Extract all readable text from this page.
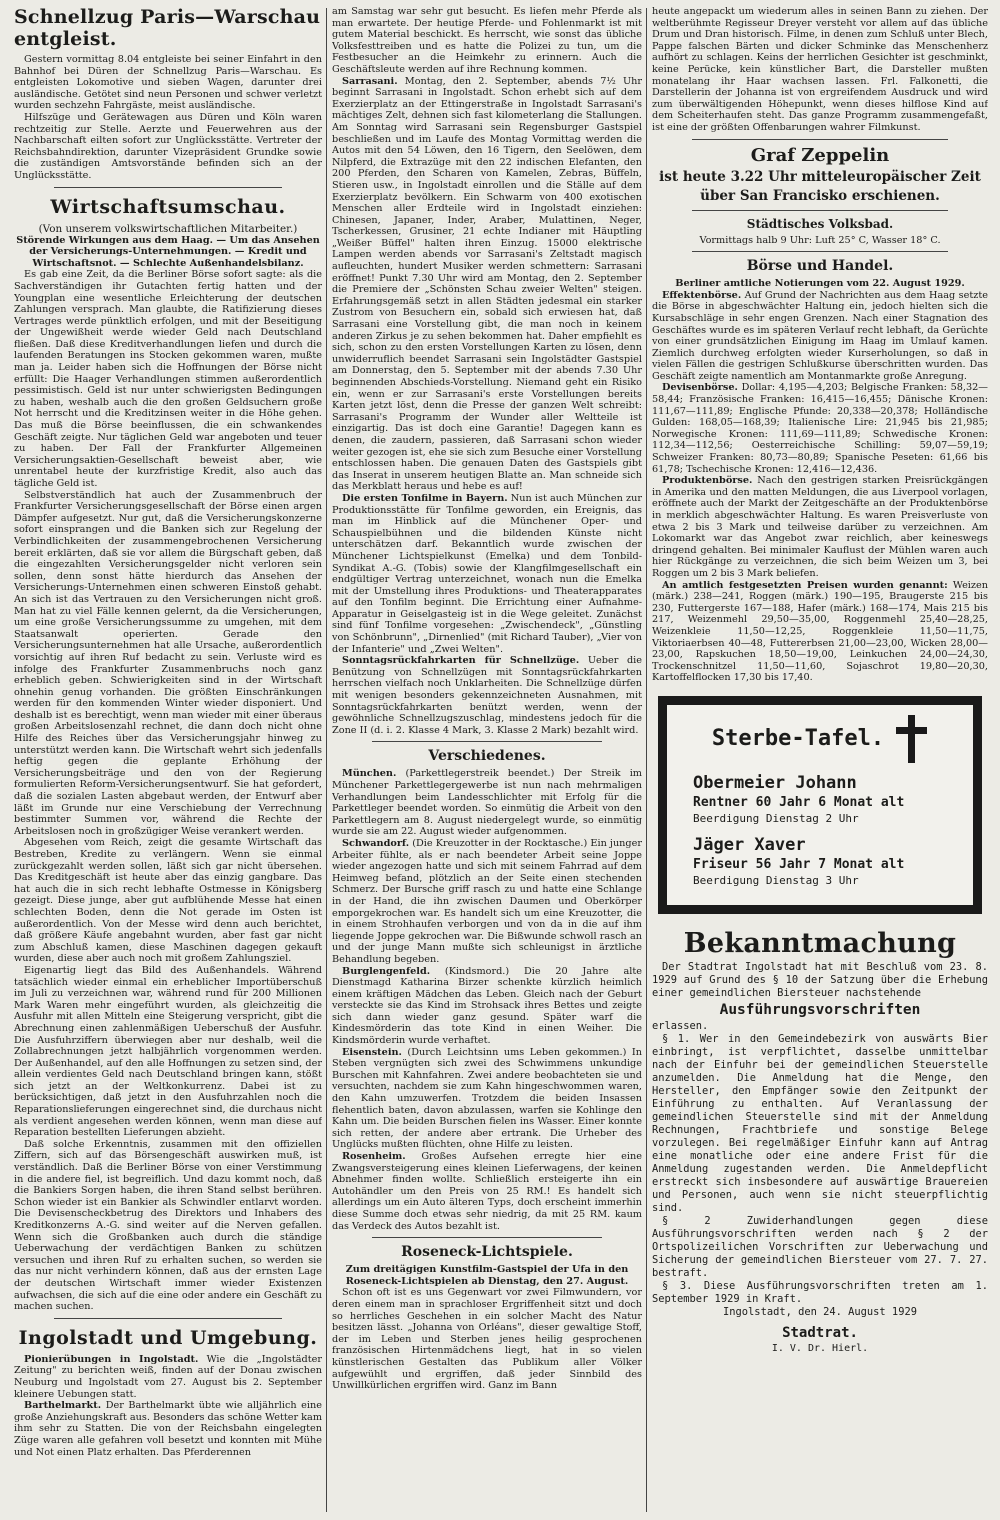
Schnellzug Paris—Warschau entgleist.

Gestern vormittag 8.04 entgleiste bei seiner Einfahrt in den Bahnhof bei Düren der Schnellzug Paris—Warschau. Es entgleisten Lokomotive und sieben Wagen, darunter drei ausländische. Getötet sind neun Personen und schwer verletzt wurden sechzehn Fahrgäste, meist ausländische.

Hilfszüge und Gerätewagen aus Düren und Köln waren rechtzeitig zur Stelle. Aerzte und Feuerwehren aus der Nachbarschaft eilten sofort zur Unglücksstätte. Vertreter der Reichsbahndirektion, darunter Vizepräsident Grundke sowie die zuständigen Amtsvorstände befinden sich an der Unglücksstätte.

Wirtschaftsumschau.
(Von unserem volkswirtschaftlichen Mitarbeiter.)

Störende Wirkungen aus dem Haag. — Um das Ansehen der Versicherungs-Unternehmungen. — Kredit und Wirtschaftsnot. — Schlechte Außenhandelsbilanz.

Es gab eine Zeit, da die Berliner Börse sofort sagte: als die Sachverständigen ihr Gutachten fertig hatten und der Youngplan eine wesentliche Erleichterung der deutschen Zahlungen versprach. Man glaubte, die Ratifizierung dieses Vertrages werde pünktlich erfolgen, und mit der Beseitigung der Ungewißheit werde wieder Geld nach Deutschland fließen. Daß diese Kreditverhandlungen liefen und durch die laufenden Beratungen ins Stocken gekommen waren, mußte man ja. Leider haben sich die Hoffnungen der Börse nicht erfüllt: Die Haager Verhandlungen stimmen außerordentlich pessimistisch. Geld ist nur unter schwierigsten Bedingungen zu haben, weshalb auch die den großen Geldsuchern große Not herrscht und die Kreditzinsen weiter in die Höhe gehen. Das muß die Börse beeinflussen, die ein schwankendes Geschäft zeigte. Nur täglichen Geld war angeboten und teuer zu haben. Der Fall der Frankfurter Allgemeinen Versicherungsaktien-Gesellschaft beweist aber, wie unrentabel heute der kurzfristige Kredit, also auch das tägliche Geld ist.

Selbstverständlich hat auch der Zusammenbruch der Frankfurter Versicherungsgesellschaft der Börse einen argen Dämpfer aufgesetzt. Nur gut, daß die Versicherungskonzerne sofort einsprangen und die Banken sich zur Regelung der Verbindlichkeiten der zusammengebrochenen Versicherung bereit erklärten, daß sie vor allem die Bürgschaft geben, daß die eingezahlten Versicherungsgelder nicht verloren sein sollen, denn sonst hätte hierdurch das Ansehen der Versicherungs-Unternehmen einen schweren Einstoß gehabt. An sich ist das Vertrauen zu den Versicherungen nicht groß. Man hat zu viel Fälle kennen gelernt, da die Versicherungen, um eine große Versicherungssumme zu umgehen, mit dem Staatsanwalt operierten. Gerade den Versicherungsunternehmen hat alle Ursache, außerordentlich vorsichtig auf ihren Ruf bedacht zu sein. Verluste wird es infolge des Frankfurter Zusammenbruchs noch ganz erheblich geben. Schwierigkeiten sind in der Wirtschaft ohnehin genug vorhanden. Die größten Einschränkungen werden für den kommenden Winter wieder disponiert. Und deshalb ist es berechtigt, wenn man wieder mit einer überaus großen Arbeitslosenzahl rechnet, die dann doch nicht ohne Hilfe des Reiches über das Versicherungsjahr hinweg zu unterstützt werden kann. Die Wirtschaft wehrt sich jedenfalls heftig gegen die geplante Erhöhung der Versicherungsbeiträge und den von der Regierung formulierten Reform-Versicherungsentwurf. Sie hat gefordert, daß die sozialen Lasten abgebaut werden, der Entwurf aber läßt im Grunde nur eine Verschiebung der Verrechnung bestimmter Summen vor, während die Rechte der Arbeitslosen noch in großzügiger Weise verankert werden.

Abgesehen vom Reich, zeigt die gesamte Wirtschaft das Bestreben, Kredite zu verlängern. Wenn sie einmal zurückgezahlt werden sollen, läßt sich gar nicht übersehen. Das Kreditgeschäft ist heute aber das einzig gangbare. Das hat auch die in sich recht lebhafte Ostmesse in Königsberg gezeigt. Diese junge, aber gut aufblühende Messe hat einen schlechten Boden, denn die Not gerade im Osten ist außerordentlich. Von der Messe wird denn auch berichtet, daß größere Käufe angebahnt wurden, aber fast gar nicht zum Abschluß kamen, diese Maschinen dagegen gekauft wurden, diese aber auch noch mit großem Zahlungsziel.

Eigenartig liegt das Bild des Außenhandels. Während tatsächlich wieder einmal ein erheblicher Importüberschuß im Juli zu verzeichnen war, während rund für 200 Millionen Mark Waren mehr eingeführt wurden, als gleichzeitig die Ausfuhr mit allen Mitteln eine Steigerung verspricht, gibt die Abrechnung einen zahlenmäßigen Ueberschuß der Ausfuhr. Die Ausfuhrziffern überwiegen aber nur deshalb, weil die Zollabrechnungen jetzt halbjährlich vorgenommen werden. Der Außenhandel, auf den alle Hoffnungen zu setzen sind, der allein verdientes Geld nach Deutschland bringen kann, stößt sich jetzt an der Weltkonkurrenz. Dabei ist zu berücksichtigen, daß jetzt in den Ausfuhrzahlen noch die Reparationslieferungen eingerechnet sind, die durchaus nicht als verdient angesehen werden können, wenn man diese auf Reparation bestellten Lieferungen abzieht.

Daß solche Erkenntnis, zusammen mit den offiziellen Ziffern, sich auf das Börsengeschäft auswirken muß, ist verständlich. Daß die Berliner Börse von einer Verstimmung in die andere fiel, ist begreiflich. Und dazu kommt noch, daß die Bankiers Sorgen haben, die ihren Stand selbst berühren. Schon wieder ist ein Bankier als Schwindler entlarvt worden. Die Devisenscheckbetrug des Direktors und Inhabers des Kreditkonzerns A.-G. sind weiter auf die Nerven gefallen. Wenn sich die Großbanken auch durch die ständige Ueberwachung der verdächtigen Banken zu schützen versuchen und ihren Ruf zu erhalten suchen, so werden sie das nur nicht verhindern können, daß aus der ernsten Lage der deutschen Wirtschaft immer wieder Existenzen aufwachsen, die sich auf die eine oder andere ein Geschäft zu machen suchen.

Ingolstadt und Umgebung.

Pionierübungen in Ingolstadt. Wie die „Ingolstädter Zeitung" zu berichten weiß, finden auf der Donau zwischen Neuburg und Ingolstadt vom 27. August bis 2. September kleinere Uebungen statt.

Barthelmarkt. Der Barthelmarkt übte wie alljährlich eine große Anziehungskraft aus. Besonders das schöne Wetter kam ihm sehr zu Statten. Die von der Reichsbahn eingelegten Züge waren alle gefahren voll besetzt und konnten mit Mühe und Not einen Platz erhalten. Das Pferderennen

am Samstag war sehr gut besucht. Es liefen mehr Pferde als man erwartete. Der heutige Pferde- und Fohlenmarkt ist mit gutem Material beschickt. Es herrscht, wie sonst das übliche Volksfesttreiben und es hatte die Polizei zu tun, um die Festbesucher an die Heimkehr zu erinnern. Auch die Geschäftsleute werden auf ihre Rechnung kommen.

Sarrasani. Montag, den 2. September, abends 7½ Uhr beginnt Sarrasani in Ingolstadt. Schon erhebt sich auf dem Exerzierplatz an der Ettingerstraße in Ingolstadt Sarrasani's mächtiges Zelt, dehnen sich fast kilometerlang die Stallungen. Am Sonntag wird Sarrasani sein Regensburger Gastspiel beschließen und im Laufe des Montag Vormittag werden die Autos mit den 54 Löwen, den 16 Tigern, den Seelöwen, dem Nilpferd, die Extrazüge mit den 22 indischen Elefanten, den 200 Pferden, den Scharen von Kamelen, Zebras, Büffeln, Stieren usw., in Ingolstadt einrollen und die Ställe auf dem Exerzierplatz bevölkern. Ein Schwarm von 400 exotischen Menschen aller Erdteile wird in Ingolstadt einziehen: Chinesen, Japaner, Inder, Araber, Mulattinen, Neger, Tscherkessen, Grusiner, 21 echte Indianer mit Häuptling „Weißer Büffel" halten ihren Einzug. 15000 elektrische Lampen werden abends vor Sarrasani's Zeltstadt magisch aufleuchten, hundert Musiker werden schmettern: Sarrasani eröffnet! Punkt 7.30 Uhr wird am Montag, den 2. September die Premiere der „Schönsten Schau zweier Welten" steigen. Erfahrungsgemäß setzt in allen Städten jedesmal ein starker Zustrom von Besuchern ein, sobald sich erwiesen hat, daß Sarrasani eine Vorstellung gibt, die man noch in keinem anderen Zirkus je zu sehen bekommen hat. Daher empfiehlt es sich, schon zu den ersten Vorstellungen Karten zu lösen, denn unwiderruflich beendet Sarrasani sein Ingolstädter Gastspiel am Donnerstag, den 5. September mit der abends 7.30 Uhr beginnenden Abschieds-Vorstellung. Niemand geht ein Risiko ein, wenn er zur Sarrasani's erste Vorstellungen bereits Karten jetzt löst, denn die Presse der ganzen Welt schreibt: Sarrasani's Programm der Wunder aller Weltteile ist einzigartig. Das ist doch eine Garantie! Dagegen kann es denen, die zaudern, passieren, daß Sarrasani schon wieder weiter gezogen ist, ehe sie sich zum Besuche einer Vorstellung entschlossen haben. Die genauen Daten des Gastspiels gibt das Inserat in unserem heutigen Blatte an. Man schneide sich das Merkblatt heraus und hebe es auf!

Die ersten Tonfilme in Bayern. Nun ist auch München zur Produktionsstätte für Tonfilme geworden, ein Ereignis, das man im Hinblick auf die Münchener Oper- und Schauspielbühnen und die bildenden Künste nicht unterschätzen darf. Bekanntlich wurde zwischen der Münchener Lichtspielkunst (Emelka) und dem Tonbild-Syndikat A.-G. (Tobis) sowie der Klangfilmgesellschaft ein endgültiger Vertrag unterzeichnet, wonach nun die Emelka mit der Umstellung ihres Produktions- und Theaterapparates auf den Tonfilm beginnt. Die Errichtung einer Aufnahme-Apparatur in Geiselgasteig ist in die Wege geleitet. Zunächst sind fünf Tonfilme vorgesehen: „Zwischendeck", „Günstling von Schönbrunn", „Dirnenlied" (mit Richard Tauber), „Vier von der Infanterie" und „Zwei Welten".

Sonntagsrückfahrkarten für Schnellzüge. Ueber die Benützung von Schnellzügen mit Sonntagsrückfahrkarten herrschen vielfach noch Unklarheiten. Die Schnellzüge dürfen mit wenigen besonders gekennzeichneten Ausnahmen, mit Sonntagsrückfahrkarten benützt werden, wenn der gewöhnliche Schnellzugszuschlag, mindestens jedoch für die Zone II (d. i. 2. Klasse 4 Mark, 3. Klasse 2 Mark) bezahlt wird.

Verschiedenes.

München. (Parkettlegerstreik beendet.) Der Streik im Münchener Parkettlegergewerbe ist nun nach mehrmaligen Verhandlungen beim Landesschlichter mit Erfolg für die Parkettleger beendet worden. So einmütig die Arbeit von den Parkettlegern am 8. August niedergelegt wurde, so einmütig wurde sie am 22. August wieder aufgenommen.

Schwandorf. (Die Kreuzotter in der Rocktasche.) Ein junger Arbeiter fühlte, als er nach beendeter Arbeit seine Joppe wieder angezogen hatte und sich mit seinem Fahrrad auf dem Heimweg befand, plötzlich an der Seite einen stechenden Schmerz. Der Bursche griff rasch zu und hatte eine Schlange in der Hand, die ihn zwischen Daumen und Oberkörper emporgekrochen war. Es handelt sich um eine Kreuzotter, die in einem Strohhaufen verborgen und von da in die auf ihm liegende Joppe gekrochen war. Die Bißwunde schwoll rasch an und der junge Mann mußte sich schleunigst in ärztliche Behandlung begeben.

Burglengenfeld. (Kindsmord.) Die 20 Jahre alte Dienstmagd Katharina Birzer schenkte kürzlich heimlich einem kräftigen Mädchen das Leben. Gleich nach der Geburt versteckte sie das Kind im Strohsack ihres Bettes und zeigte sich dann wieder ganz gesund. Später warf die Kindesmörderin das tote Kind in einen Weiher. Die Kindsmörderin wurde verhaftet.

Eisenstein. (Durch Leichtsinn ums Leben gekommen.) In Steben vergnügten sich zwei des Schwimmens unkundige Burschen mit Kahnfahren. Zwei andere beobachteten sie und versuchten, nachdem sie zum Kahn hingeschwommen waren, den Kahn umzuwerfen. Trotzdem die beiden Insassen flehentlich baten, davon abzulassen, warfen sie Kohlinge den Kahn um. Die beiden Burschen fielen ins Wasser. Einer konnte sich retten, der andere aber ertrank. Die Urheber des Unglücks mußten flüchten, ohne Hilfe zu leisten.

Rosenheim. Großes Aufsehen erregte hier eine Zwangsversteigerung eines kleinen Lieferwagens, der keinen Abnehmer finden wollte. Schließlich ersteigerte ihn ein Autohändler um den Preis von 25 RM.! Es handelt sich allerdings um ein Auto älteren Typs, doch erscheint immerhin diese Summe doch etwas sehr niedrig, da mit 25 RM. kaum das Verdeck des Autos bezahlt ist.

Roseneck-Lichtspiele.

Zum dreitägigen Kunstfilm-Gastspiel der Ufa in den Roseneck-Lichtspielen ab Dienstag, den 27. August.

Schon oft ist es uns Gegenwart vor zwei Filmwundern, vor deren einem man in sprachloser Ergriffenheit sitzt und doch so herrliches Geschehen in ein solcher Macht des Natur besitzen lässt. „Johanna von Orléans", dieser gewaltige Stoff, der im Leben und Sterben jenes heilig gesprochenen französischen Hirtenmädchens liegt, hat in so vielen künstlerischen Gestalten das Publikum aller Völker aufgewühlt und ergriffen, daß jeder Sinnbild des Unwillkürlichen ergriffen wird. Ganz im Bann

heute angepackt um wiederum alles in seinen Bann zu ziehen. Der weltberühmte Regisseur Dreyer versteht vor allem auf das übliche Drum und Dran historisch. Filme, in denen zum Schluß unter Blech, Pappe falschen Bärten und dicker Schminke das Menschenherz aufhört zu schlagen. Keins der herrlichen Gesichter ist geschminkt, keine Perücke, kein künstlicher Bart, die Darsteller mußten monatelang ihr Haar wachsen lassen. Frl. Falkonetti, die Darstellerin der Johanna ist von ergreifendem Ausdruck und wird zum überwältigenden Höhepunkt, wenn dieses hilflose Kind auf dem Scheiterhaufen steht. Das ganze Programm zusammengefaßt, ist eine der größten Offenbarungen wahrer Filmkunst.

Graf Zeppelin
ist heute 3.22 Uhr mitteleuropäischer Zeit
über San Francisko erschienen.
Städtisches Volksbad.

Vormittags halb 9 Uhr: Luft 25° C, Wasser 18° C.

Börse und Handel.

Berliner amtliche Notierungen vom 22. August 1929.

Effektenbörse. Auf Grund der Nachrichten aus dem Haag setzte die Börse in abgeschwächter Haltung ein, jedoch hielten sich die Kursabschläge in sehr engen Grenzen. Nach einer Stagnation des Geschäftes wurde es im späteren Verlauf recht lebhaft, da Gerüchte von einer grundsätzlichen Einigung im Haag im Umlauf kamen. Ziemlich durchweg erfolgten wieder Kurserholungen, so daß in vielen Fällen die gestrigen Schlußkurse überschritten wurden. Das Geschäft zeigte namentlich am Montanmarkte große Anregung.

Devisenbörse. Dollar: 4,195—4,203; Belgische Franken: 58,32—58,44; Französische Franken: 16,415—16,455; Dänische Kronen: 111,67—111,89; Englische Pfunde: 20,338—20,378; Holländische Gulden: 168,05—168,39; Italienische Lire: 21,945 bis 21,985; Norwegische Kronen: 111,69—111,89; Schwedische Kronen: 112,34—112,56; Oesterreichische Schilling: 59,07—59,19; Schweizer Franken: 80,73—80,89; Spanische Peseten: 61,66 bis 61,78; Tschechische Kronen: 12,416—12,436.

Produktenbörse. Nach den gestrigen starken Preisrückgängen in Amerika und den matten Meldungen, die aus Liverpool vorlagen, eröffnete auch der Markt der Zeitgeschäfte an der Produktenbörse in merklich abgeschwächter Haltung. Es waren Preisverluste von etwa 2 bis 3 Mark und teilweise darüber zu verzeichnen. Am Lokomarkt war das Angebot zwar reichlich, aber keineswegs dringend gehalten. Bei minimaler Kauflust der Mühlen waren auch hier Rückgänge zu verzeichnen, die sich beim Weizen um 3, bei Roggen um 2 bis 3 Mark beliefen.

An amtlich festgesetzten Preisen wurden genannt: Weizen (märk.) 238—241, Roggen (märk.) 190—195, Braugerste 215 bis 230, Futtergerste 167—188, Hafer (märk.) 168—174, Mais 215 bis 217, Weizenmehl 29,50—35,00, Roggenmehl 25,40—28,25, Weizenkleie 11,50—12,25, Roggenkleie 11,50—11,75, Viktoriaerbsen 40—48, Futtererbsen 21,00—23,00, Wicken 28,00—23,00, Rapskuchen 18,50—19,00, Leinkuchen 24,00—24,30, Trockenschnitzel 11,50—11,60, Sojaschrot 19,80—20,30, Kartoffelflocken 17,30 bis 17,40.

Sterbe-Tafel.
Obermeier Johann
Rentner 60 Jahr 6 Monat alt
Beerdigung Dienstag 2 Uhr
Jäger Xaver
Friseur 56 Jahr 7 Monat alt
Beerdigung Dienstag 3 Uhr
Bekanntmachung

Der Stadtrat Ingolstadt hat mit Beschluß vom 23. 8. 1929 auf Grund des § 10 der Satzung über die Erhebung einer gemeindlichen Biersteuer nachstehende

Ausführungsvorschriften

erlassen.

§ 1. Wer in den Gemeindebezirk von auswärts Bier einbringt, ist verpflichtet, dasselbe unmittelbar nach der Einfuhr bei der gemeindlichen Steuerstelle anzumelden. Die Anmeldung hat die Menge, den Hersteller, den Empfänger sowie den Zeitpunkt der Einführung zu enthalten. Auf Veranlassung der gemeindlichen Steuerstelle sind mit der Anmeldung Rechnungen, Frachtbriefe und sonstige Belege vorzulegen. Bei regelmäßiger Einfuhr kann auf Antrag eine monatliche oder eine andere Frist für die Anmeldung zugestanden werden. Die Anmeldepflicht erstreckt sich insbesondere auf auswärtige Brauereien und Personen, auch wenn sie nicht steuerpflichtig sind.

§ 2 Zuwiderhandlungen gegen diese Ausführungsvorschriften werden nach § 2 der Ortspolizeilichen Vorschriften zur Ueberwachung und Sicherung der gemeindlichen Biersteuer vom 27. 7. 27. bestraft.

§ 3. Diese Ausführungsvorschriften treten am 1. September 1929 in Kraft.

Ingolstadt, den 24. August 1929

Stadtrat.
I. V. Dr. Hierl.
